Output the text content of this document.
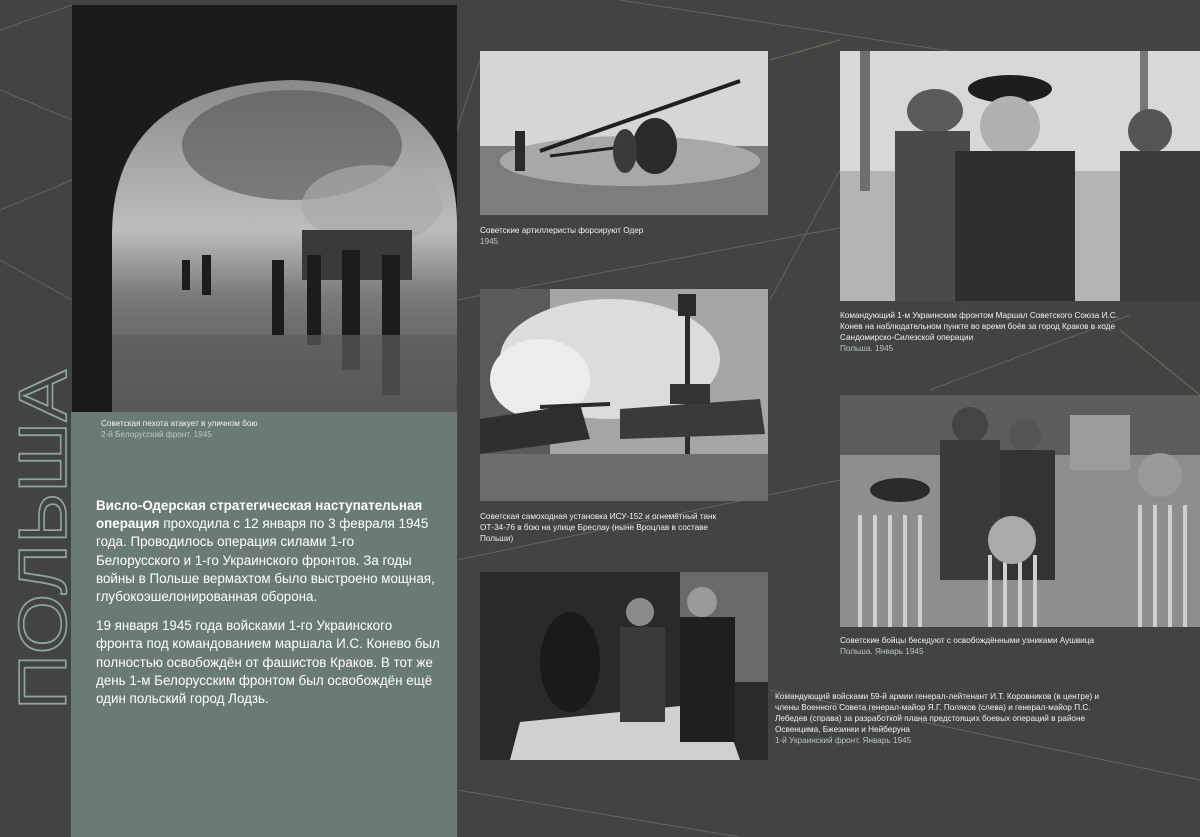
ПОЛЬША Советская пехота атакует в уличном бою

2-й Белорусский фронт. 1945

Висло-Одерская стратегическая наступательная операция проходила с 12 января по 3 февраля 1945 года. Проводилось операция силами 1-го Белорусского и 1-го Украинского фронтов. За годы войны в Польше вермахтом было выстроено мощная, глубокоэшелонированная оборона.

19 января 1945 года войсками 1-го Украинского фронта под командованием маршала И.С. Конево был полностью освобождён от фашистов Краков. В тот же день 1-м Белорусским фронтом был освобождён ещё один польский город Лодзь.

Советские артиллеристы форсируют Одер

1945

Советская самоходная установка ИСУ-152 и огнемётный танк ОТ-34-76 в бою на улице Бреслау (ныне Вроцлав в составе Польши)

Командующий войсками 59-й армии генерал-лейтенант И.Т. Коровников (в центре) и члены Военного Совета генерал-майор Я.Г. Поляков (слева) и генерал-майор П.С. Лебедев (справа) за разработкой плана предстоящих боевых операций в районе Освенцима, Бжезинки и Нейберуна

1-й Украинский фронт. Январь 1945

Командующий 1-м Украинским фронтом Маршал Советского Союза И.С. Конев на наблюдательном пункте во время боёв за город Краков в ходе Сандомирско-Силезской операции

Польша. 1945

Советские бойцы беседуют с освобождёнными узниками Аушвица

Польша. Январь 1945
